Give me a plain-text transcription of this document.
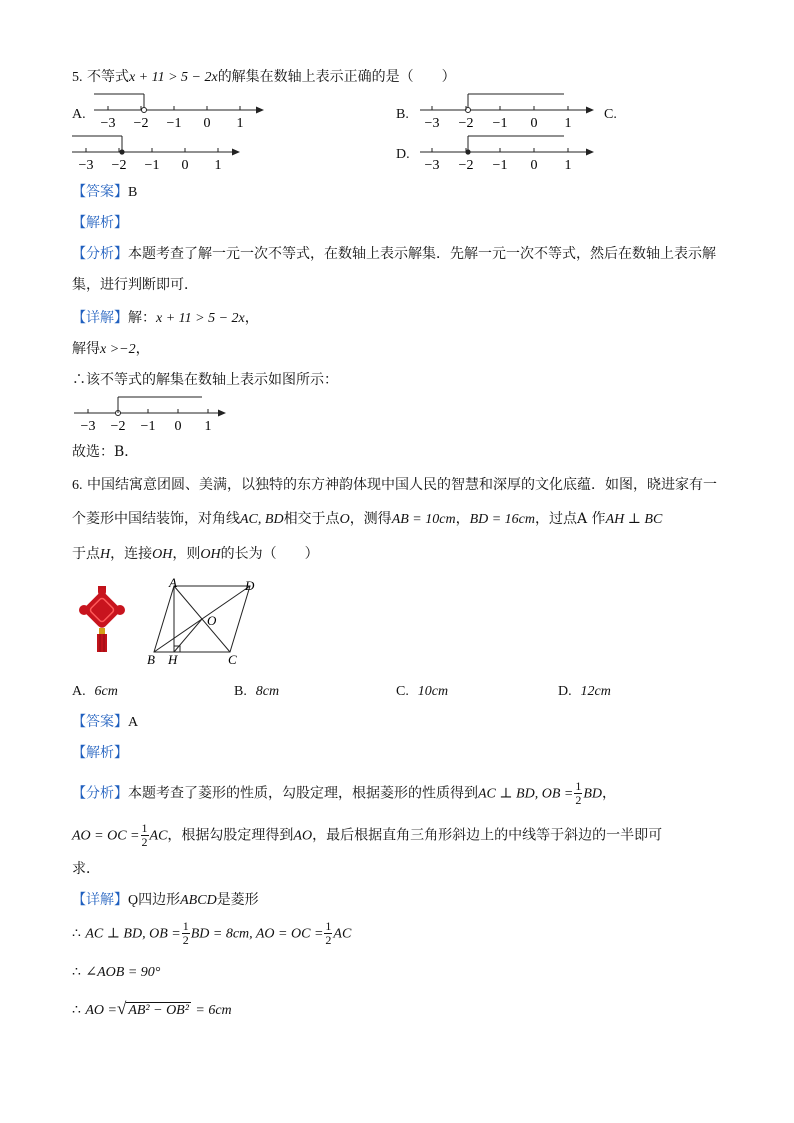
5. 不等式x + 11 > 5 − 2x的解集在数轴上表示正确的是（　　）
A.
−3 −2 −1 0 1
B.
−3 −2 −1 0 1
C.
−3 −2 −1 0 1
D.
−3 −2 −1 0 1
【答案】B
【解析】
【分析】本题考查了解一元一次不等式，在数轴上表示解集．先解一元一次不等式，然后在数轴上表示解
集，进行判断即可．
【详解】解：x + 11 > 5 − 2x，
解得x >−2，
∴该不等式的解集在数轴上表示如图所示：
−3 −2 −1 0 1
故选：B．
6. 中国结寓意团圆、美满，以独特的东方神韵体现中国人民的智慧和深厚的文化底蕴．如图，晓进家有一
个菱形中国结装饰，对角线AC, BD相交于点O，测得AB = 10cm，BD = 16cm，过点A 作AH ⊥ BC
于点H，连接OH，则OH的长为（　　）
A	D
O
B H	C
A. 6cm	B. 8cm	C. 10cm	D. 12cm
【答案】A
【解析】
【分析】本题考查了菱形的性质，勾股定理，根据菱形的性质得到AC ⊥ BD, OB = $\frac{1}{2}$ BD，
AO = OC = $\frac{1}{2}$ AC，根据勾股定理得到AO，最后根据直角三角形斜边上的中线等于斜边的一半即可
求．
【详解】Ǫ四边形ABCD是菱形
∴ AC ⊥ BD, OB = $\frac{1}{2}$ BD = 8cm, AO = OC = $\frac{1}{2}$ AC
∴ ∠AOB = 90°
∴ AO =√ AB² − OB² = 6cm
